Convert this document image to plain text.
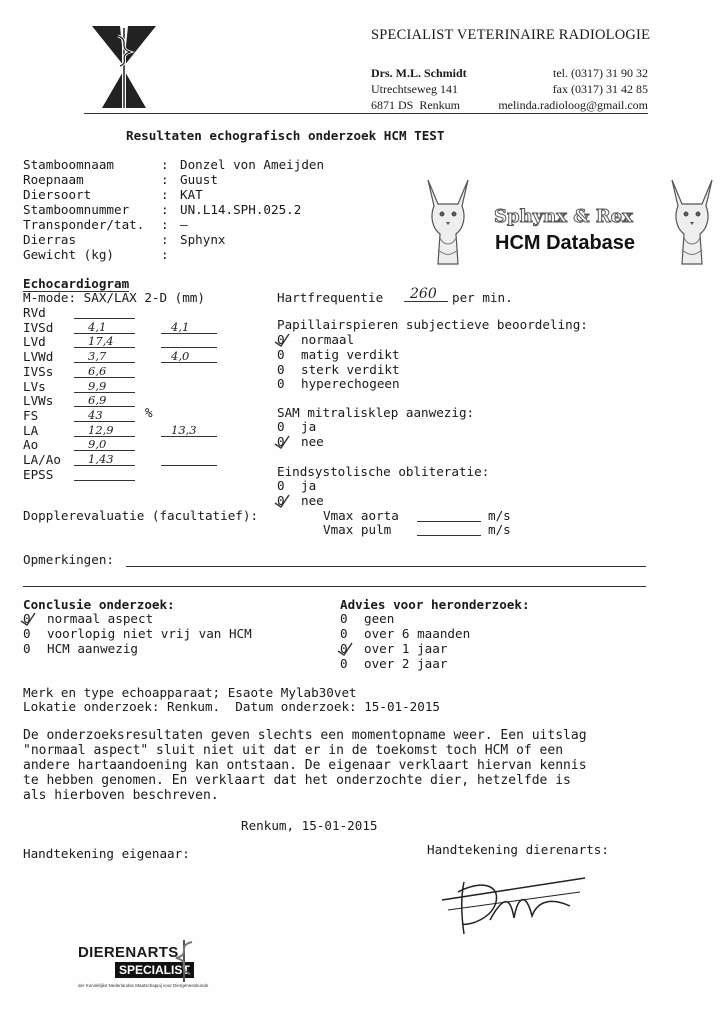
SPECIALIST VETERINAIRE RADIOLOGIE
Drs. M.L. Schmidt
Utrechtseweg 141
6871 DS  Renkum
tel. (0317) 31 90 32
fax (0317) 31 42 85
melinda.radioloog@gmail.com
Resultaten echografisch onderzoek HCM TEST
Stamboomnaam	: Donzel von Ameijden
Roepnaam	: Guust
Diersoort	: KAT
Stamboomnummer	: UN.L14.SPH.025.2
Transponder/tat. : —
Dierras	: Sphynx
Gewicht (kg)	:
Sphynx & Rex
HCM Database
Echocardiogram
M-mode: SAX/LAX 2-D (mm)
RVd
IVSd	4,1	4,1
LVd	17,4
LVWd	3,7	4,0
IVSs	6,6
LVs	9,9
LVWs	6,9
FS	43
LA	12,9	13,3
Ao	9,0
LA/Ao 1,43
EPSS
%
Hartfrequentie

260

per min.
Papillairspieren subjectieve beoordeling:
0 normaal
0 matig verdikt
0 sterk verdikt
0 hyperechogeen
SAM mitralisklep aanwezig:
0 ja
0 nee
Eindsystolische obliteratie:
0 ja
0 nee
Dopplerevaluatie (facultatief):	Vmax aorta	m/s
Vmax pulm	m/s
Opmerkingen:
Conclusie onderzoek:
0 normaal aspect
0 voorlopig niet vrij van HCM
0 HCM aanwezig
Advies voor heronderzoek:
0 geen
0 over 6 maanden
0 over 1 jaar
0 over 2 jaar
Merk en type echoapparaat; Esaote Mylab30vet
Lokatie onderzoek: Renkum.  Datum onderzoek: 15-01-2015
De onderzoeksresultaten geven slechts een momentopname weer. Een uitslag
"normaal aspect" sluit niet uit dat er in de toekomst toch HCM of een
andere hartaandoening kan ontstaan. De eigenaar verklaart hiervan kennis
te hebben genomen. En verklaart dat het onderzochte dier, hetzelfde is
als hierboven beschreven.
Renkum, 15-01-2015
Handtekening eigenaar:	Handtekening dierenarts:
DIERENARTS
SPECIALIST
der Koninklijke Nederlandse Maatschappij voor Diergeneeskunde
